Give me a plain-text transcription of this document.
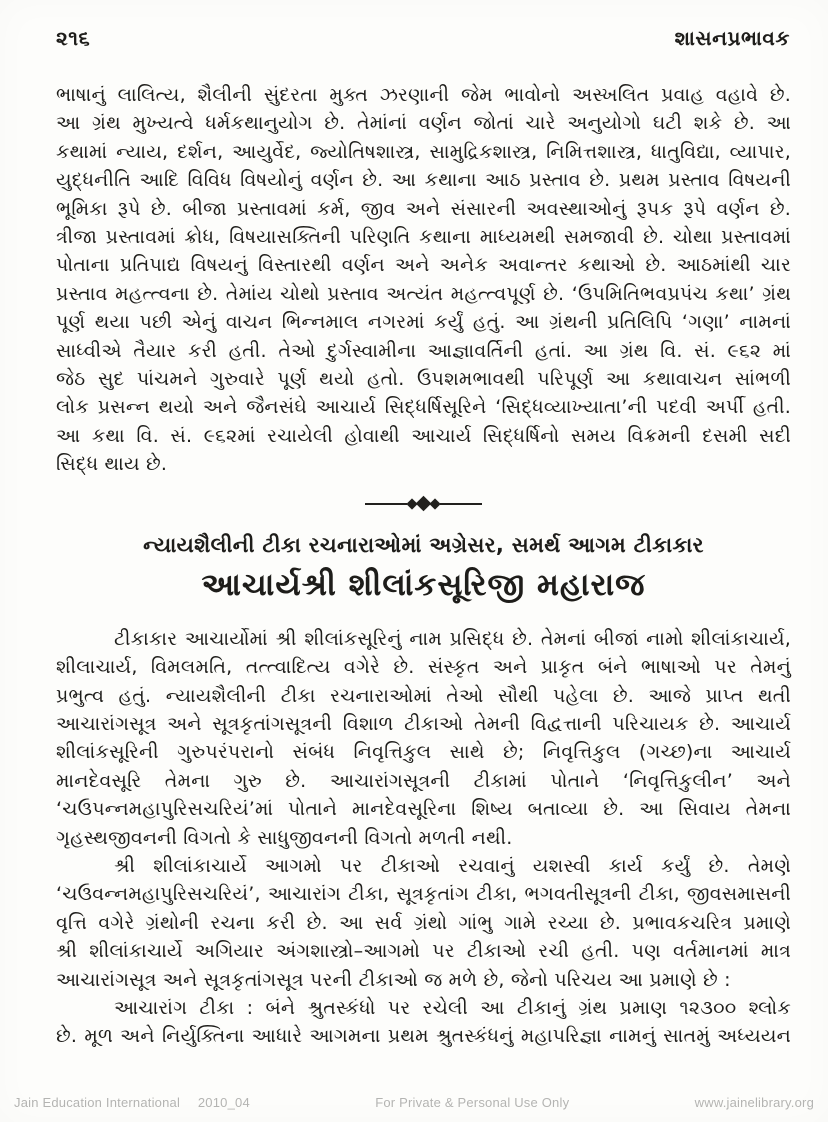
૨૧૬	શાસનપ્રભાવક
ભાષાનું લાલિત્ય, શૈલીની સુંદરતા મુક્ત ઝરણાની જેમ ભાવોનો અસ્ખલિત પ્રવાહ વહાવે છે.
આ ગ્રંથ મુખ્યત્વે ધર્મકથાનુયોગ છે. તેમાંનાં વર્ણન જોતાં ચારે અનુયોગો ઘટી શકે છે. આ
કથામાં ન્યાય, દર્શન, આયુર્વેદ, જ્યોતિષશાસ્ત્ર, સામુદ્રિકશાસ્ત્ર, નિમિત્તશાસ્ત્ર, ધાતુવિદ્યા, વ્યાપાર,
યુદ્ધનીતિ આદિ વિવિધ વિષયોનું વર્ણન છે. આ કથાના આઠ પ્રસ્તાવ છે. પ્રથમ પ્રસ્તાવ વિષયની
ભૂમિકા રૂપે છે. બીજા પ્રસ્તાવમાં કર્મ, જીવ અને સંસારની અવસ્થાઓનું રૂપક રૂપે વર્ણન છે.
ત્રીજા પ્રસ્તાવમાં ક્રોધ, વિષયાસક્તિની પરિણતિ કથાના માધ્યમથી સમજાવી છે. ચોથા પ્રસ્તાવમાં
પોતાના પ્રતિપાદ્ય વિષયનું વિસ્તારથી વર્ણન અને અનેક અવાન્તર કથાઓ છે. આઠમાંથી ચાર
પ્રસ્તાવ મહત્ત્વના છે. તેમાંય ચોથો પ્રસ્તાવ અત્યંત મહત્ત્વપૂર્ણ છે. ‘ઉપમિતિભવપ્રપંચ કથા’ ગ્રંથ
પૂર્ણ થયા પછી એનું વાચન ભિન્નમાલ નગરમાં કર્યું હતું. આ ગ્રંથની પ્રતિલિપિ ‘ગણા’ નામનાં
સાધ્વીએ તૈયાર કરી હતી. તેઓ દુર્ગસ્વામીના આજ્ઞાવર્તિની હતાં. આ ગ્રંથ વિ. સં. ૯૬૨ માં
જેઠ સુદ પાંચમને ગુરુવારે પૂર્ણ થયો હતો. ઉપશમભાવથી પરિપૂર્ણ આ કથાવાચન સાંભળી
લોક પ્રસન્ન થયો અને જૈનસંઘે આચાર્ય સિદ્ધર્ષિસૂરિને ‘સિદ્ધવ્યાખ્યાતા’ની પદવી અર્પી હતી.
આ કથા વિ. સં. ૯૬૨માં રચાયેલી હોવાથી આચાર્ય સિદ્ધર્ષિનો સમય વિક્રમની દસમી સદી
સિદ્ધ થાય છે.
ન્યાયશૈલીની ટીકા રચનારાઓમાં અગ્રેસર, સમર્થ આગમ ટીકાકાર
આચાર્યશ્રી શીલાંકસૂરિજી મહારાજ
ટીકાકાર આચાર્યોમાં શ્રી શીલાંકસૂરિનું નામ પ્રસિદ્ધ છે. તેમનાં બીજાં નામો શીલાંકાચાર્ય,
શીલાચાર્ય, વિમલમતિ, તત્ત્વાદિત્ય વગેરે છે. સંસ્કૃત અને પ્રાકૃત બંને ભાષાઓ પર તેમનું
પ્રભુત્વ હતું. ન્યાયશૈલીની ટીકા રચનારાઓમાં તેઓ સૌથી પહેલા છે. આજે પ્રાપ્ત થતી
આચારાંગસૂત્ર અને સૂત્રકૃતાંગસૂત્રની વિશાળ ટીકાઓ તેમની વિદ્વત્તાની પરિચાયક છે. આચાર્ય
શીલાંકસૂરિની ગુરુપરંપરાનો સંબંધ નિવૃત્તિકુલ સાથે છે; નિવૃત્તિકુલ (ગચ્છ)ના આચાર્ય
માનદેવસૂરિ તેમના ગુરુ છે. આચારાંગસૂત્રની ટીકામાં પોતાને ‘નિવૃત્તિકુલીન’ અને
‘ચઉપન્નમહાપુરિસચરિયં’માં પોતાને માનદેવસૂરિના શિષ્ય બતાવ્યા છે. આ સિવાય તેમના
ગૃહસ્થજીવનની વિગતો કે સાધુજીવનની વિગતો મળતી નથી.
શ્રી શીલાંકાચાર્યે આગમો પર ટીકાઓ રચવાનું યશસ્વી કાર્ય કર્યું છે. તેમણે
‘ચઉવન્નમહાપુરિસચરિયં’, આચારાંગ ટીકા, સૂત્રકૃતાંગ ટીકા, ભગવતીસૂત્રની ટીકા, જીવસમાસની
વૃત્તિ વગેરે ગ્રંથોની રચના કરી છે. આ સર્વ ગ્રંથો ગાંભુ ગામે રચ્યા છે. પ્રભાવકચરિત્ર પ્રમાણે
શ્રી શીલાંકાચાર્યે અગિયાર અંગશાસ્ત્રો–આગમો પર ટીકાઓ રચી હતી. પણ વર્તમાનમાં માત્ર
આચારાંગસૂત્ર અને સૂત્રકૃતાંગસૂત્ર પરની ટીકાઓ જ મળે છે, જેનો પરિચય આ પ્રમાણે છે :
આચારાંગ ટીકા : બંને શ્રુતસ્કંધો પર રચેલી આ ટીકાનું ગ્રંથ પ્રમાણ ૧૨૩૦૦ શ્લોક
છે. મૂળ અને નિર્યુક્તિના આધારે આગમના પ્રથમ શ્રુતસ્કંધનું મહાપરિજ્ઞા નામનું સાતમું અધ્યયન
Jain Education International 2010_04	For Private & Personal Use Only	www.jainelibrary.org
